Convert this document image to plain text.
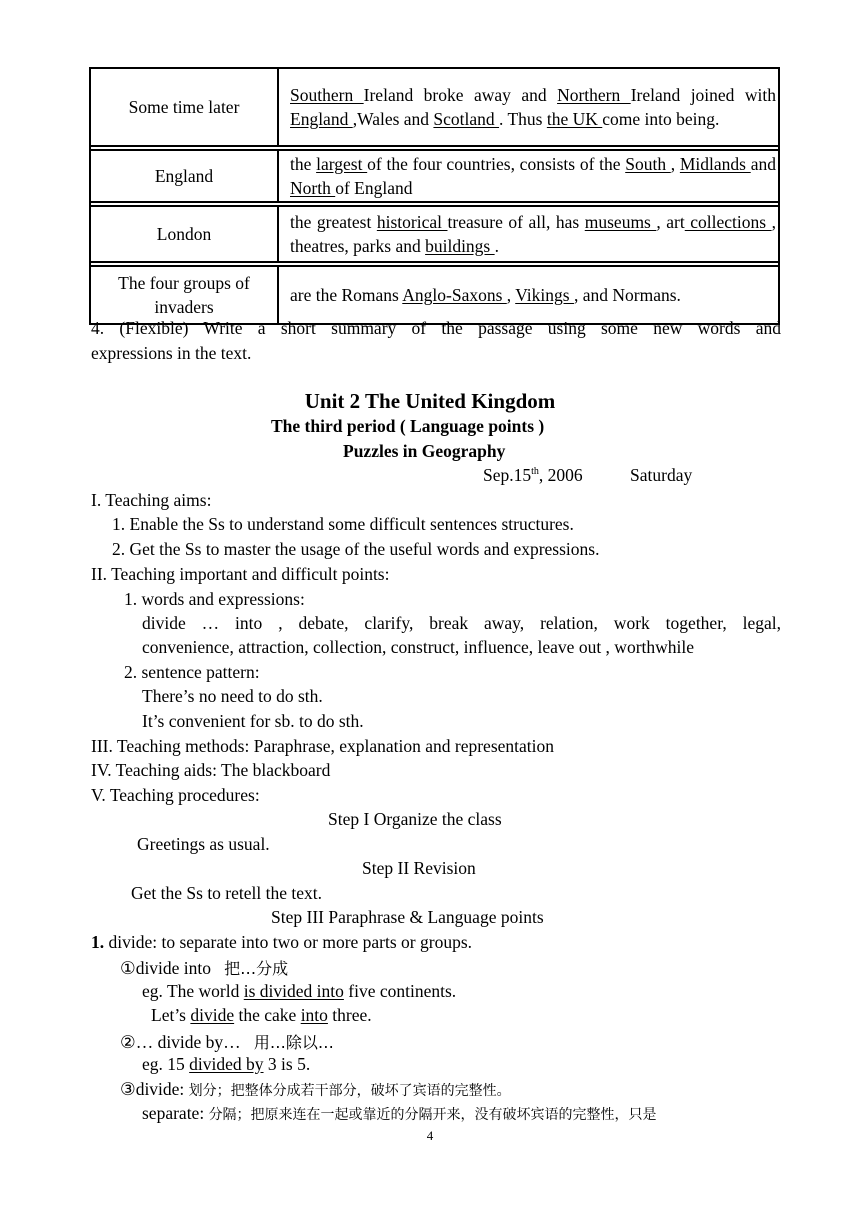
Some time later	Southern Ireland broke away and Northern Ireland joined with England ,Wales and Scotland . Thus the UK come into being.

England	the largest of the four countries, consists of the South , Midlands and North of England

London	the greatest historical treasure of all, has museums , art collections , theatres, parks and buildings .

The four groups of invaders	are the Romans Anglo-Saxons , Vikings , and Normans.
4. (Flexible) Write a short summary of the passage using some new words and
expressions in the text.
Unit 2 The United Kingdom
The third period ( Language points )
Puzzles in Geography
Sep.15th, 2006	Saturday
I. Teaching aims:
1. Enable the Ss to understand some difficult sentences structures.
2. Get the Ss to master the usage of the useful words and expressions.
II. Teaching important and difficult points:
1. words and expressions:
divide … into , debate, clarify, break away, relation, work together, legal,
convenience, attraction, collection, construct, influence, leave out , worthwhile
2. sentence pattern:
There’s no need to do sth.
It’s convenient for sb. to do sth.
III. Teaching methods: Paraphrase, explanation and representation
IV. Teaching aids: The blackboard
V. Teaching procedures:
Step I Organize the class
Greetings as usual.
Step II Revision
Get the Ss to retell the text.
Step III Paraphrase & Language points
1. divide: to separate into two or more parts or groups.
①divide into 把…分成
eg. The world is divided into five continents.
Let’s divide the cake into three.
②… divide by… 用…除以…
eg. 15 divided by 3 is 5.
③divide: 划分；把整体分成若干部分，破坏了宾语的完整性。
separate: 分隔；把原来连在一起或靠近的分隔开来，没有破坏宾语的完整性，只是
4
